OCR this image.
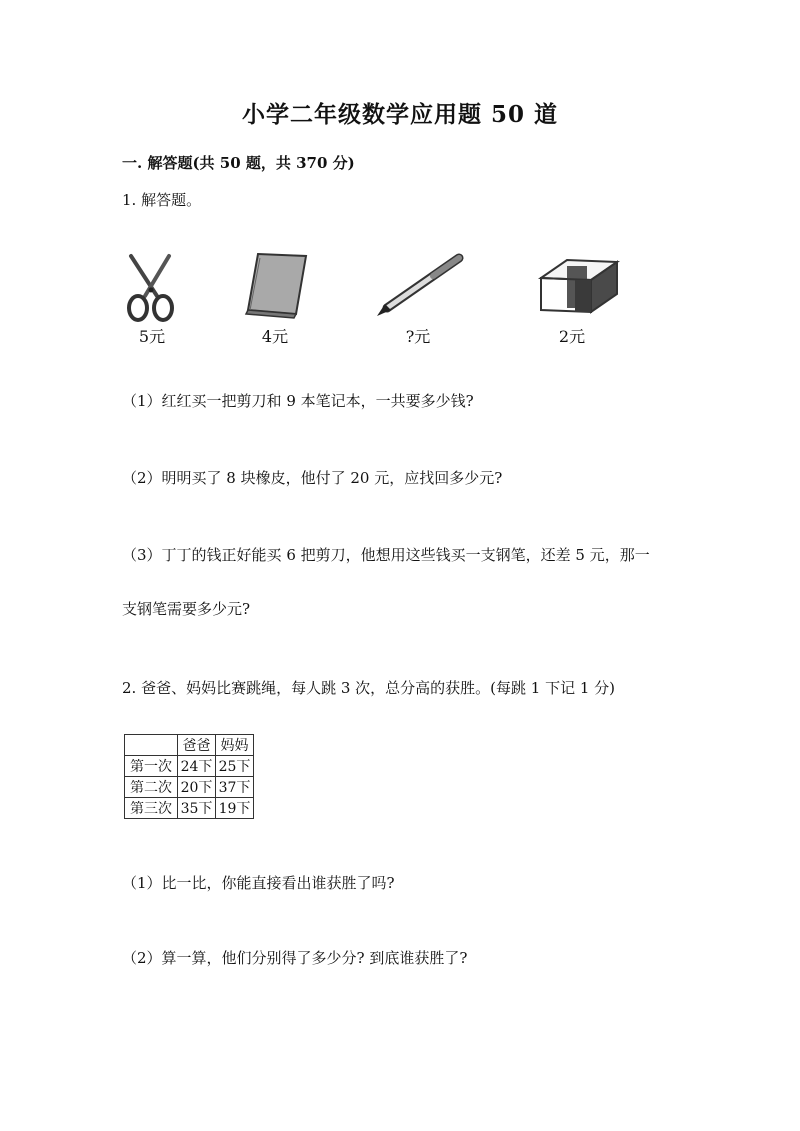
小学二年级数学应用题 50 道
一. 解答题(共 50 题，共 370 分)
1. 解答题。
5元	4元	?元	2元
（1）红红买一把剪刀和 9 本笔记本，一共要多少钱?
（2）明明买了 8 块橡皮，他付了 20 元，应找回多少元?
（3）丁丁的钱正好能买 6 把剪刀，他想用这些钱买一支钢笔，还差 5 元，那一
支钢笔需要多少元?
2. 爸爸、妈妈比赛跳绳，每人跳 3 次，总分高的获胜。(每跳 1 下记 1 分)
	爸爸	妈妈
第一次	24下	25下
第二次	20下	37下
第三次	35下	19下
（1）比一比，你能直接看出谁获胜了吗?
（2）算一算，他们分别得了多少分? 到底谁获胜了?
